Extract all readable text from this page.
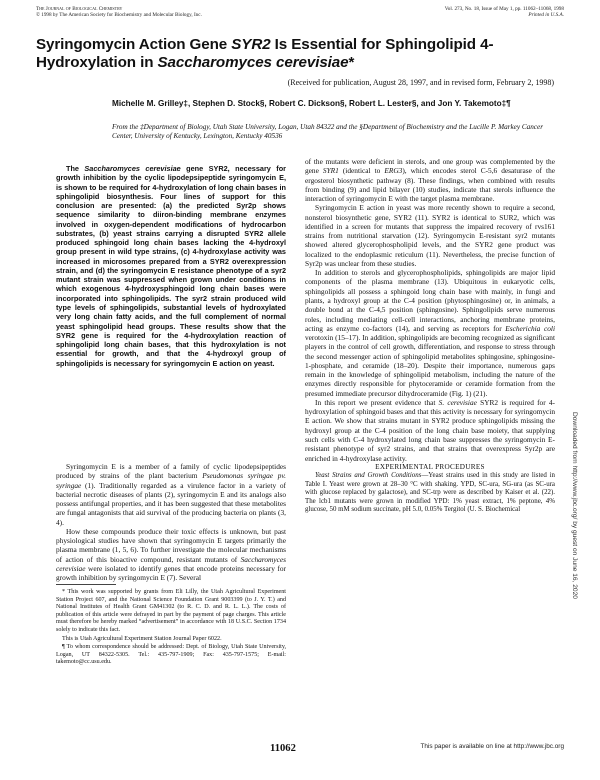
The Journal of Biological Chemistry
© 1998 by The American Society for Biochemistry and Molecular Biology, Inc.
Vol. 273, No. 18, Issue of May 1, pp. 11062–11068, 1998
Printed in U.S.A.
Syringomycin Action Gene SYR2 Is Essential for Sphingolipid 4-Hydroxylation in Saccharomyces cerevisiae*
(Received for publication, August 28, 1997, and in revised form, February 2, 1998)
Michelle M. Grilley‡, Stephen D. Stock§, Robert C. Dickson§, Robert L. Lester§, and Jon Y. Takemoto‡¶
From the ‡Department of Biology, Utah State University, Logan, Utah 84322 and the §Department of Biochemistry and the Lucille P. Markey Cancer Center, University of Kentucky, Lexington, Kentucky 40536
The Saccharomyces cerevisiae gene SYR2, necessary for growth inhibition by the cyclic lipodepsipeptide syringomycin E, is shown to be required for 4-hydroxylation of long chain bases in sphingolipid biosynthesis. Four lines of support for this conclusion are presented: (a) the predicted Syr2p shows sequence similarity to diiron-binding membrane enzymes involved in oxygen-dependent modifications of hydrocarbon substrates, (b) yeast strains carrying a disrupted SYR2 allele produced sphingoid long chain bases lacking the 4-hydroxyl group present in wild type strains, (c) 4-hydroxylase activity was increased in microsomes prepared from a SYR2 overexpression strain, and (d) the syringomycin E resistance phenotype of a syr2 mutant strain was suppressed when grown under conditions in which exogenous 4-hydroxysphingoid long chain bases were incorporated into sphingolipids. The syr2 strain produced wild type levels of sphingolipids, substantial levels of hydroxylated very long chain fatty acids, and the full complement of normal yeast sphingolipid head groups. These results show that the SYR2 gene is required for the 4-hydroxylation reaction of sphingolipid long chain bases, that this hydroxylation is not essential for growth, and that the 4-hydroxyl group of sphingolipids is necessary for syringomycin E action on yeast.

Syringomycin E is a member of a family of cyclic lipodepsipeptides produced by strains of the plant bacterium Pseudomonas syringae pv. syringae (1). Traditionally regarded as a virulence factor in a variety of bacterial necrotic diseases of plants (2), syringomycin E and its analogs also possess antifungal properties, and it has been suggested that these metabolites are fungal antagonists that aid survival of the producing bacteria on plants (3, 4).

How these compounds produce their toxic effects is unknown, but past physiological studies have shown that syringomycin E targets primarily the plasma membrane (1, 5, 6). To further investigate the molecular mechanisms of action of this bioactive compound, resistant mutants of Saccharomyces cerevisiae were isolated to identify genes that encode proteins necessary for growth inhibition by syringomycin E (7). Several

* This work was supported by grants from Eli Lilly, the Utah Agricultural Experiment Station Project 607, and the National Science Foundation Grant 9003399 (to J. Y. T.) and National Institutes of Health Grant GM41302 (to R. C. D. and R. L. L.). The costs of publication of this article were defrayed in part by the payment of page charges. This article must therefore be hereby marked “advertisement” in accordance with 18 U.S.C. Section 1734 solely to indicate this fact.

This is Utah Agricultural Experiment Station Journal Paper 6022.

¶ To whom correspondence should be addressed: Dept. of Biology, Utah State University, Logan, UT 84322-5305. Tel.: 435-797-1909; Fax: 435-797-1575; E-mail: takemoto@cc.usu.edu.

of the mutants were deficient in sterols, and one group was complemented by the gene SYR1 (identical to ERG3), which encodes sterol C-5,6 desaturase of the ergosterol biosynthetic pathway (8). These findings, when combined with results from binding (9) and lipid bilayer (10) studies, indicate that sterols influence the interaction of syringomycin E with the target plasma membrane.

Syringomycin E action in yeast was more recently shown to require a second, nonsterol biosynthetic gene, SYR2 (11). SYR2 is identical to SUR2, which was identified in a screen for mutants that suppress the impaired recovery of rvs161 strains from nutritional starvation (12). Syringomycin E-resistant syr2 mutants showed altered glycerophospholipid levels, and the SYR2 gene product was localized to the endoplasmic reticulum (11). Nevertheless, the precise function of Syr2p was unclear from these studies.

In addition to sterols and glycerophospholipids, sphingolipids are major lipid components of the plasma membrane (13). Ubiquitous in eukaryotic cells, sphingolipids all possess a sphingoid long chain base with mainly, in fungi and plants, a hydroxyl group at the C-4 position (phytosphingosine) or, in animals, a double bond at the C-4,5 position (sphingosine). Sphingolipids serve numerous roles, including mediating cell-cell interactions, anchoring membrane proteins, acting as enzyme co-factors (14), and serving as receptors for Escherichia coli verotoxin (15–17). In addition, sphingolipids are becoming recognized as significant players in the control of cell growth, differentiation, and response to stress through the second messenger action of sphingolipid metabolites sphingosine, sphingosine-1-phosphate, and ceramide (18–20). Despite their importance, numerous gaps remain in the knowledge of sphingolipid metabolism, including the nature of the enzymes directly responsible for phytoceramide or ceramide formation from the presumed immediate precursor dihydroceramide (Fig. 1) (21).

In this report we present evidence that S. cerevisiae SYR2 is required for 4-hydroxylation of sphingoid bases and that this activity is necessary for syringomycin E action. We show that strains mutant in SYR2 produce sphingolipids missing the hydroxyl group at the C-4 position of the long chain base moiety, that supplying such cells with C-4 hydroxylated long chain base suppresses the syringomycin E-resistant phenotype of syr2 strains, and that strains that overexpress Syr2p are enriched in 4-hydroxylase activity.

EXPERIMENTAL PROCEDURES

Yeast Strains and Growth Conditions—Yeast strains used in this study are listed in Table I. Yeast were grown at 28–30 °C with shaking. YPD, SC-ura, SG-ura (as SC-ura with glucose replaced by galactose), and SC-trp were as described by Kaiser et al. (22). The lcb1 mutants were grown in modified YPD: 1% yeast extract, 1% peptone, 4% glucose, 50 mM sodium succinate, pH 5.0, 0.05% Tergitol (U. S. Biochemical

11062	This paper is available on line at http://www.jbc.org
Downloaded from http://www.jbc.org/ by guest on June 16, 2020
